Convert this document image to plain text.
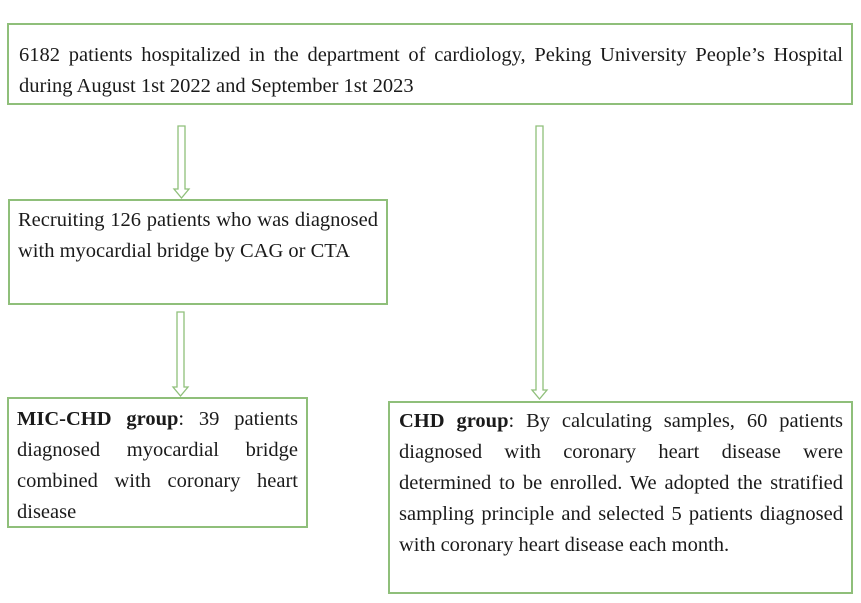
6182 patients hospitalized in the department of cardiology, Peking University People’s Hospital during August 1st 2022 and September 1st 2023
Recruiting 126 patients who was diagnosed with myocardial bridge by CAG or CTA
MIC-CHD group: 39 patients diagnosed myocardial bridge combined with coronary heart disease
CHD group: By calculating samples, 60 patients diagnosed with coronary heart disease were determined to be enrolled. We adopted the stratified sampling principle and selected 5 patients diagnosed with coronary heart disease each month.
